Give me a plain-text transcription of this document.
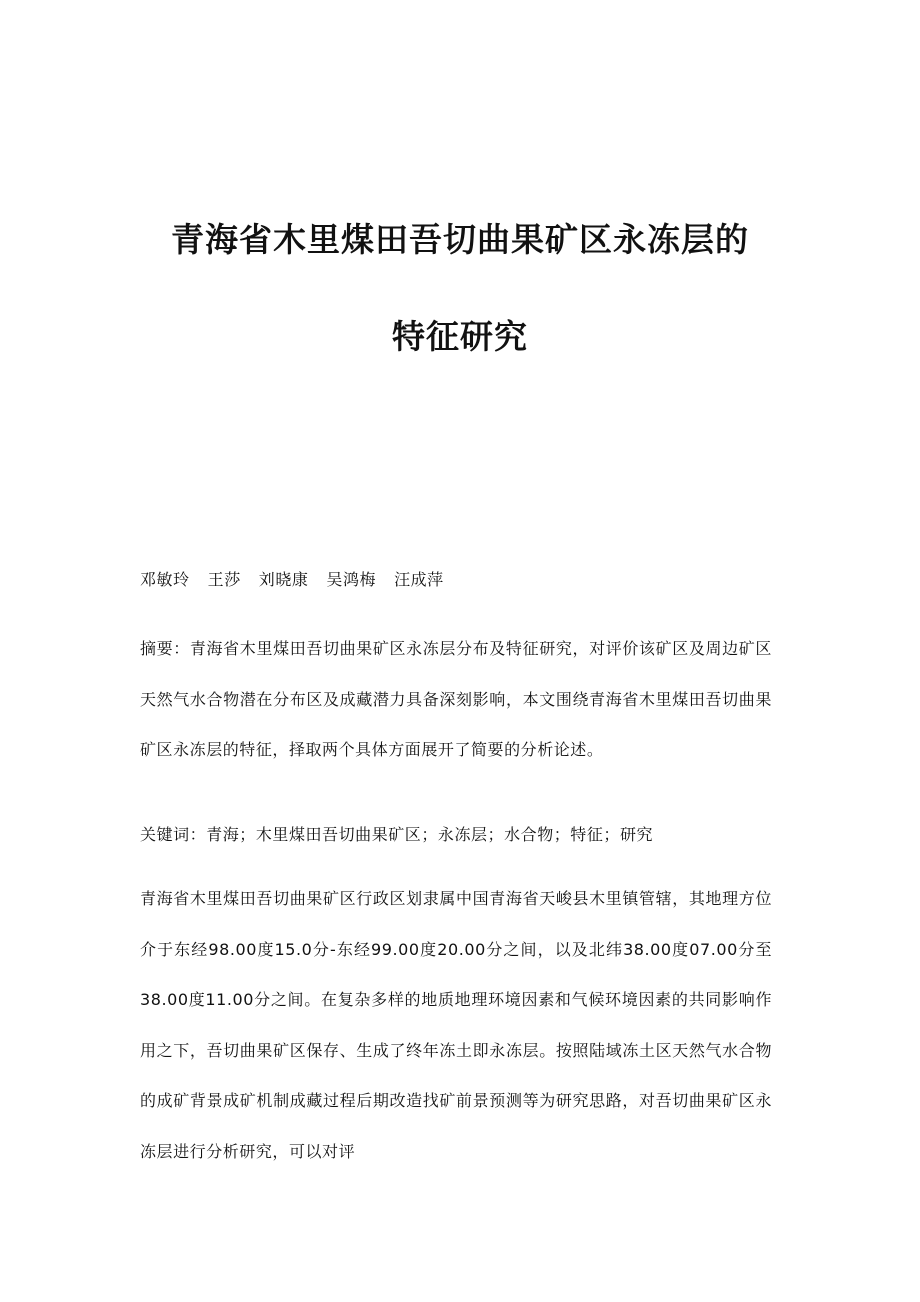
青海省木里煤田吾切曲果矿区永冻层的
特征研究
邓敏玲 王莎 刘晓康 吴鸿梅 汪成萍

摘要：青海省木里煤田吾切曲果矿区永冻层分布及特征研究，对评价该矿区及周边矿区天然气水合物潜在分布区及成藏潜力具备深刻影响，本文围绕青海省木里煤田吾切曲果矿区永冻层的特征，择取两个具体方面展开了简要的分析论述。

关键词：青海；木里煤田吾切曲果矿区；永冻层；水合物；特征；研究

青海省木里煤田吾切曲果矿区行政区划隶属中国青海省天峻县木里镇管辖，其地理方位介于东经98.00度15.0分-东经99.00度20.00分之间，以及北纬38.00度07.00分至38.00度11.00分之间。在复杂多样的地质地理环境因素和气候环境因素的共同影响作用之下，吾切曲果矿区保存、生成了终年冻土即永冻层。按照陆域冻土区天然气水合物的成矿背景成矿机制成藏过程后期改造找矿前景预测等为研究思路，对吾切曲果矿区永冻层进行分析研究，可以对评
